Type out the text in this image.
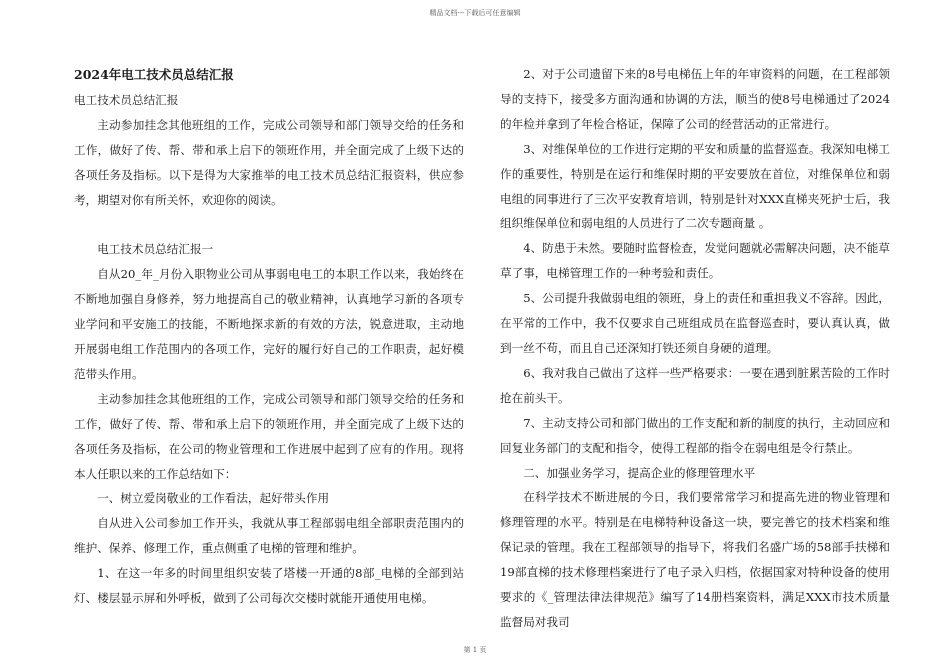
精品文档---下载后可任意编辑
2024年电工技术员总结汇报

电工技术员总结汇报

主动参加挂念其他班组的工作，完成公司领导和部门领导交给的任务和工作，做好了传、帮、带和承上启下的领班作用，并全面完成了上级下达的各项任务及指标。以下是得为大家推举的电工技术员总结汇报资料，供应参考，期望对你有所关怀，欢迎你的阅读。

电工技术员总结汇报一

自从20_年_月份入职物业公司从事弱电电工的本职工作以来，我始终在不断地加强自身修养，努力地提高自己的敬业精神，认真地学习新的各项专业学问和平安施工的技能，不断地探求新的有效的方法，锐意进取，主动地开展弱电组工作范围内的各项工作，完好的履行好自己的工作职责，起好模范带头作用。

主动参加挂念其他班组的工作，完成公司领导和部门领导交给的任务和工作，做好了传、帮、带和承上启下的领班作用，并全面完成了上级下达的各项任务及指标，在公司的物业管理和工作进展中起到了应有的作用。现将本人任职以来的工作总结如下：

一、树立爱岗敬业的工作看法，起好带头作用

自从进入公司参加工作开头，我就从事工程部弱电组全部职责范围内的维护、保养、修理工作，重点侧重了电梯的管理和维护。

1、在这一年多的时间里组织安装了塔楼一开通的8部_电梯的全部到站灯、楼层显示屏和外呼板，做到了公司每次交楼时就能开通使用电梯。

2、对于公司遗留下来的8号电梯伍上年的年审资料的问题，在工程部领导的支持下，接受多方面沟通和协调的方法，顺当的使8号电梯通过了2024的年检并拿到了年检合格证，保障了公司的经营活动的正常进行。

3、对维保单位的工作进行定期的平安和质量的监督巡查。我深知电梯工作的重要性，特别是在运行和维保时期的平安要放在首位，对维保单位和弱电组的同事进行了三次平安教育培训，特别是针对XXX直梯夹死护士后，我组织维保单位和弱电组的人员进行了二次专题商量 。

4、防患于未然。要随时监督检查，发觉问题就必需解决问题，决不能草草了事，电梯管理工作的一种考验和责任。

5、公司提升我做弱电组的领班，身上的责任和重担我义不容辞。因此，在平常的工作中，我不仅要求自己班组成员在监督巡查时，要认真认真，做到一丝不苟，而且自己还深知打铁还须自身硬的道理。

6、我对我自己做出了这样一些严格要求：一要在遇到脏累苦险的工作时抢在前头干。

7、主动支持公司和部门做出的工作支配和新的制度的执行，主动回应和回复业务部门的支配和指令，使得工程部的指令在弱电组是令行禁止。

二、加强业务学习，提高企业的修理管理水平

在科学技术不断进展的今日，我们要常常学习和提高先进的物业管理和修理管理的水平。特别是在电梯特种设备这一块，要完善它的技术档案和维保记录的管理。我在工程部领导的指导下，将我们名盛广场的58部手扶梯和19部直梯的技术修理档案进行了电子录入归档，依据国家对特种设备的使用要求的《_管理法律法律规范》编写了14册档案资料，满足XXX市技术质量监督局对我司

第 1 页
